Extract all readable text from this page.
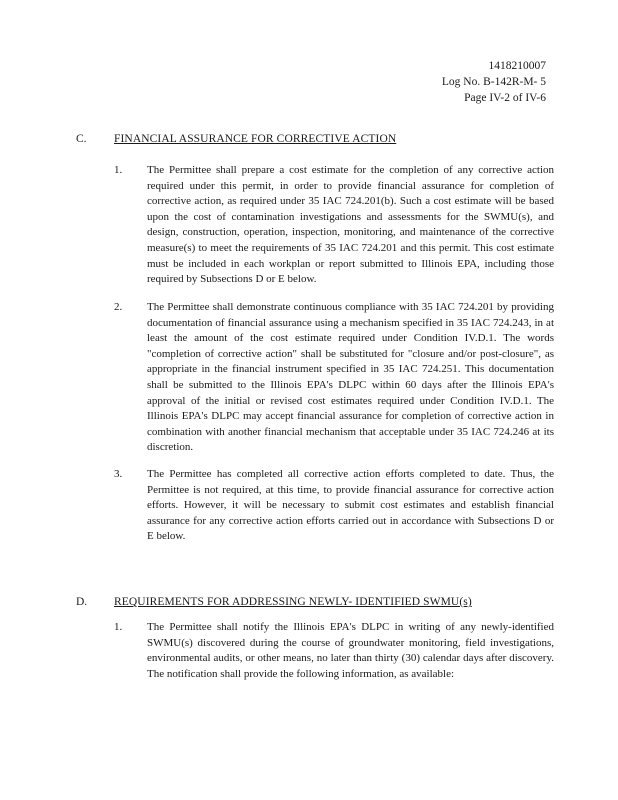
1418210007
Log No. B-142R-M- 5
Page IV-2 of IV-6
C. FINANCIAL ASSURANCE FOR CORRECTIVE ACTION
1. The Permittee shall prepare a cost estimate for the completion of any corrective action required under this permit, in order to provide financial assurance for completion of corrective action, as required under 35 IAC 724.201(b). Such a cost estimate will be based upon the cost of contamination investigations and assessments for the SWMU(s), and design, construction, operation, inspection, monitoring, and maintenance of the corrective measure(s) to meet the requirements of 35 IAC 724.201 and this permit. This cost estimate must be included in each workplan or report submitted to Illinois EPA, including those required by Subsections D or E below.
2. The Permittee shall demonstrate continuous compliance with 35 IAC 724.201 by providing documentation of financial assurance using a mechanism specified in 35 IAC 724.243, in at least the amount of the cost estimate required under Condition IV.D.1. The words "completion of corrective action" shall be substituted for "closure and/or post-closure", as appropriate in the financial instrument specified in 35 IAC 724.251. This documentation shall be submitted to the Illinois EPA's DLPC within 60 days after the Illinois EPA's approval of the initial or revised cost estimates required under Condition IV.D.1. The Illinois EPA's DLPC may accept financial assurance for completion of corrective action in combination with another financial mechanism that acceptable under 35 IAC 724.246 at its discretion.
3. The Permittee has completed all corrective action efforts completed to date. Thus, the Permittee is not required, at this time, to provide financial assurance for corrective action efforts. However, it will be necessary to submit cost estimates and establish financial assurance for any corrective action efforts carried out in accordance with Subsections D or E below.
D. REQUIREMENTS FOR ADDRESSING NEWLY- IDENTIFIED SWMU(s)
1. The Permittee shall notify the Illinois EPA's DLPC in writing of any newly-identified SWMU(s) discovered during the course of groundwater monitoring, field investigations, environmental audits, or other means, no later than thirty (30) calendar days after discovery. The notification shall provide the following information, as available:
